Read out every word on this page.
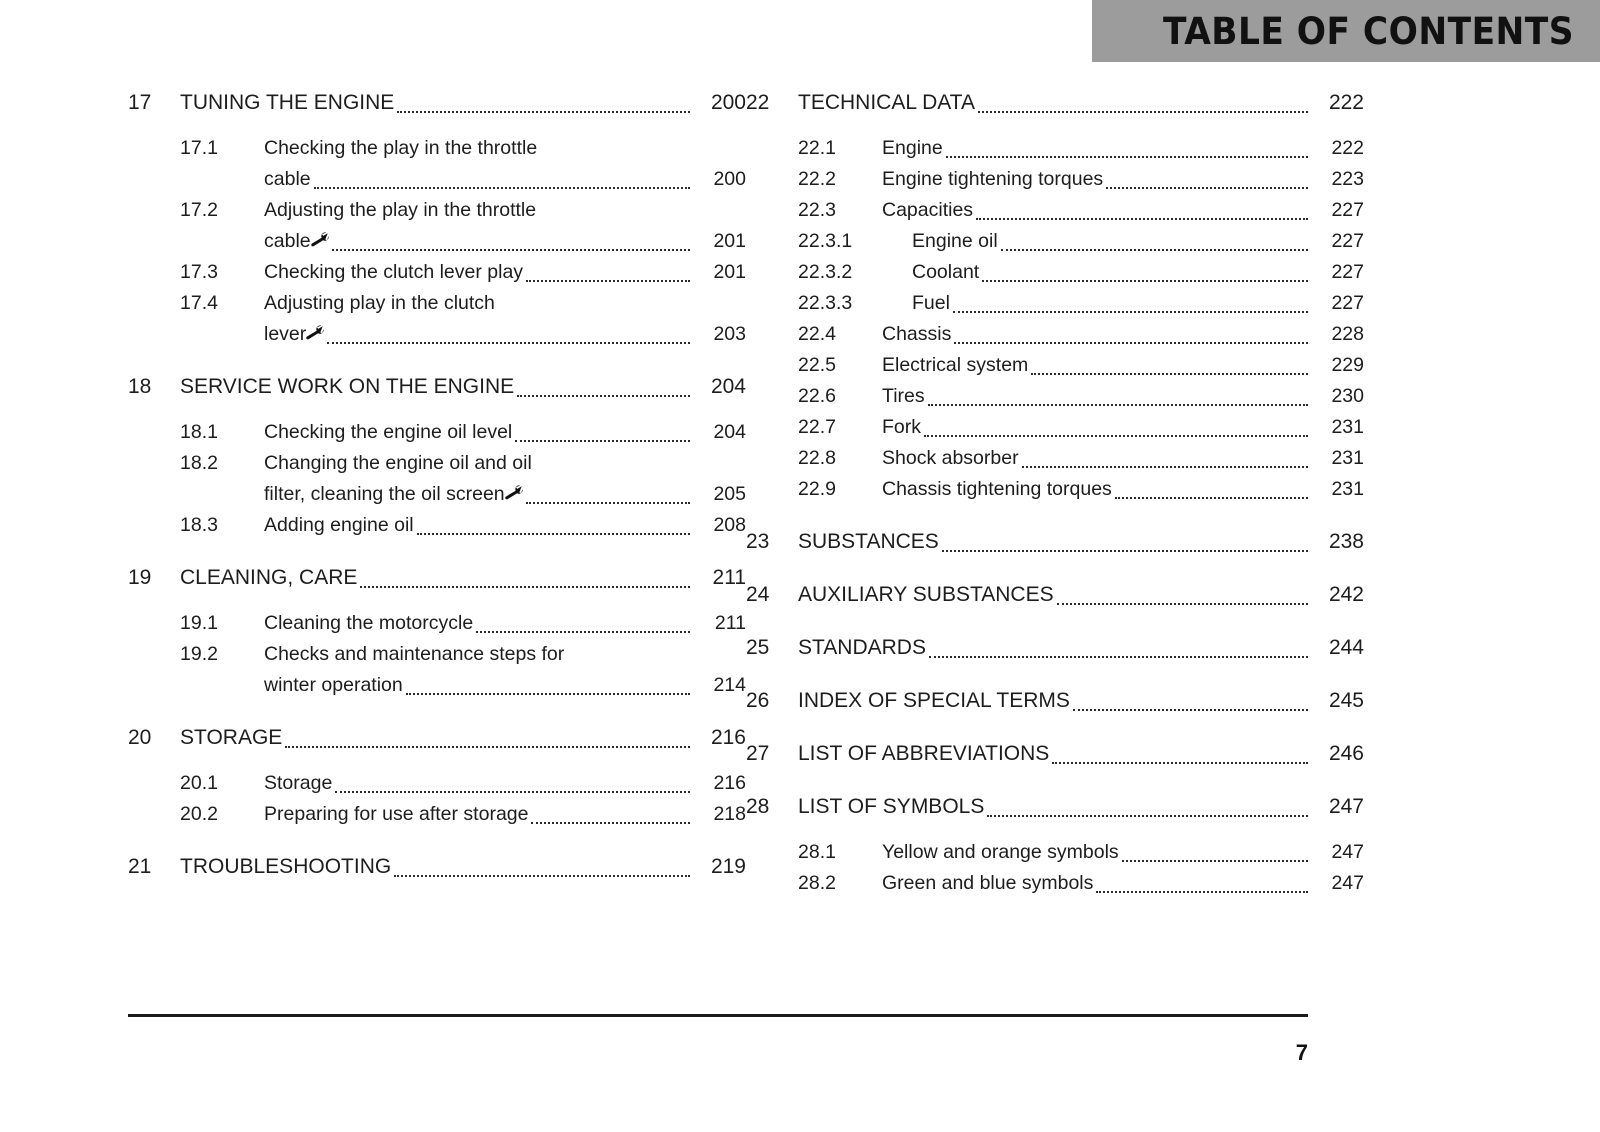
TABLE OF CONTENTS
17	TUNING THE ENGINE	200
17.1	Checking the play in the throttle
cable	200
17.2	Adjusting the play in the throttle
cable	201
17.3	Checking the clutch lever play	201
17.4	Adjusting play in the clutch
lever	203
18	SERVICE WORK ON THE ENGINE	204
18.1	Checking the engine oil level	204
18.2	Changing the engine oil and oil
filter, cleaning the oil screen	205
18.3	Adding engine oil	208
19	CLEANING, CARE	211
19.1	Cleaning the motorcycle	211
19.2	Checks and maintenance steps for
winter operation	214
20	STORAGE	216
20.1	Storage	216
20.2	Preparing for use after storage	218
21	TROUBLESHOOTING	219
22	TECHNICAL DATA	222
22.1	Engine	222
22.2	Engine tightening torques	223
22.3	Capacities	227
22.3.1	Engine oil	227
22.3.2	Coolant	227
22.3.3	Fuel	227
22.4	Chassis	228
22.5	Electrical system	229
22.6	Tires	230
22.7	Fork	231
22.8	Shock absorber	231
22.9	Chassis tightening torques	231
23	SUBSTANCES	238
24	AUXILIARY SUBSTANCES	242
25	STANDARDS	244
26	INDEX OF SPECIAL TERMS	245
27	LIST OF ABBREVIATIONS	246
28	LIST OF SYMBOLS	247
28.1	Yellow and orange symbols	247
28.2	Green and blue symbols	247
7
